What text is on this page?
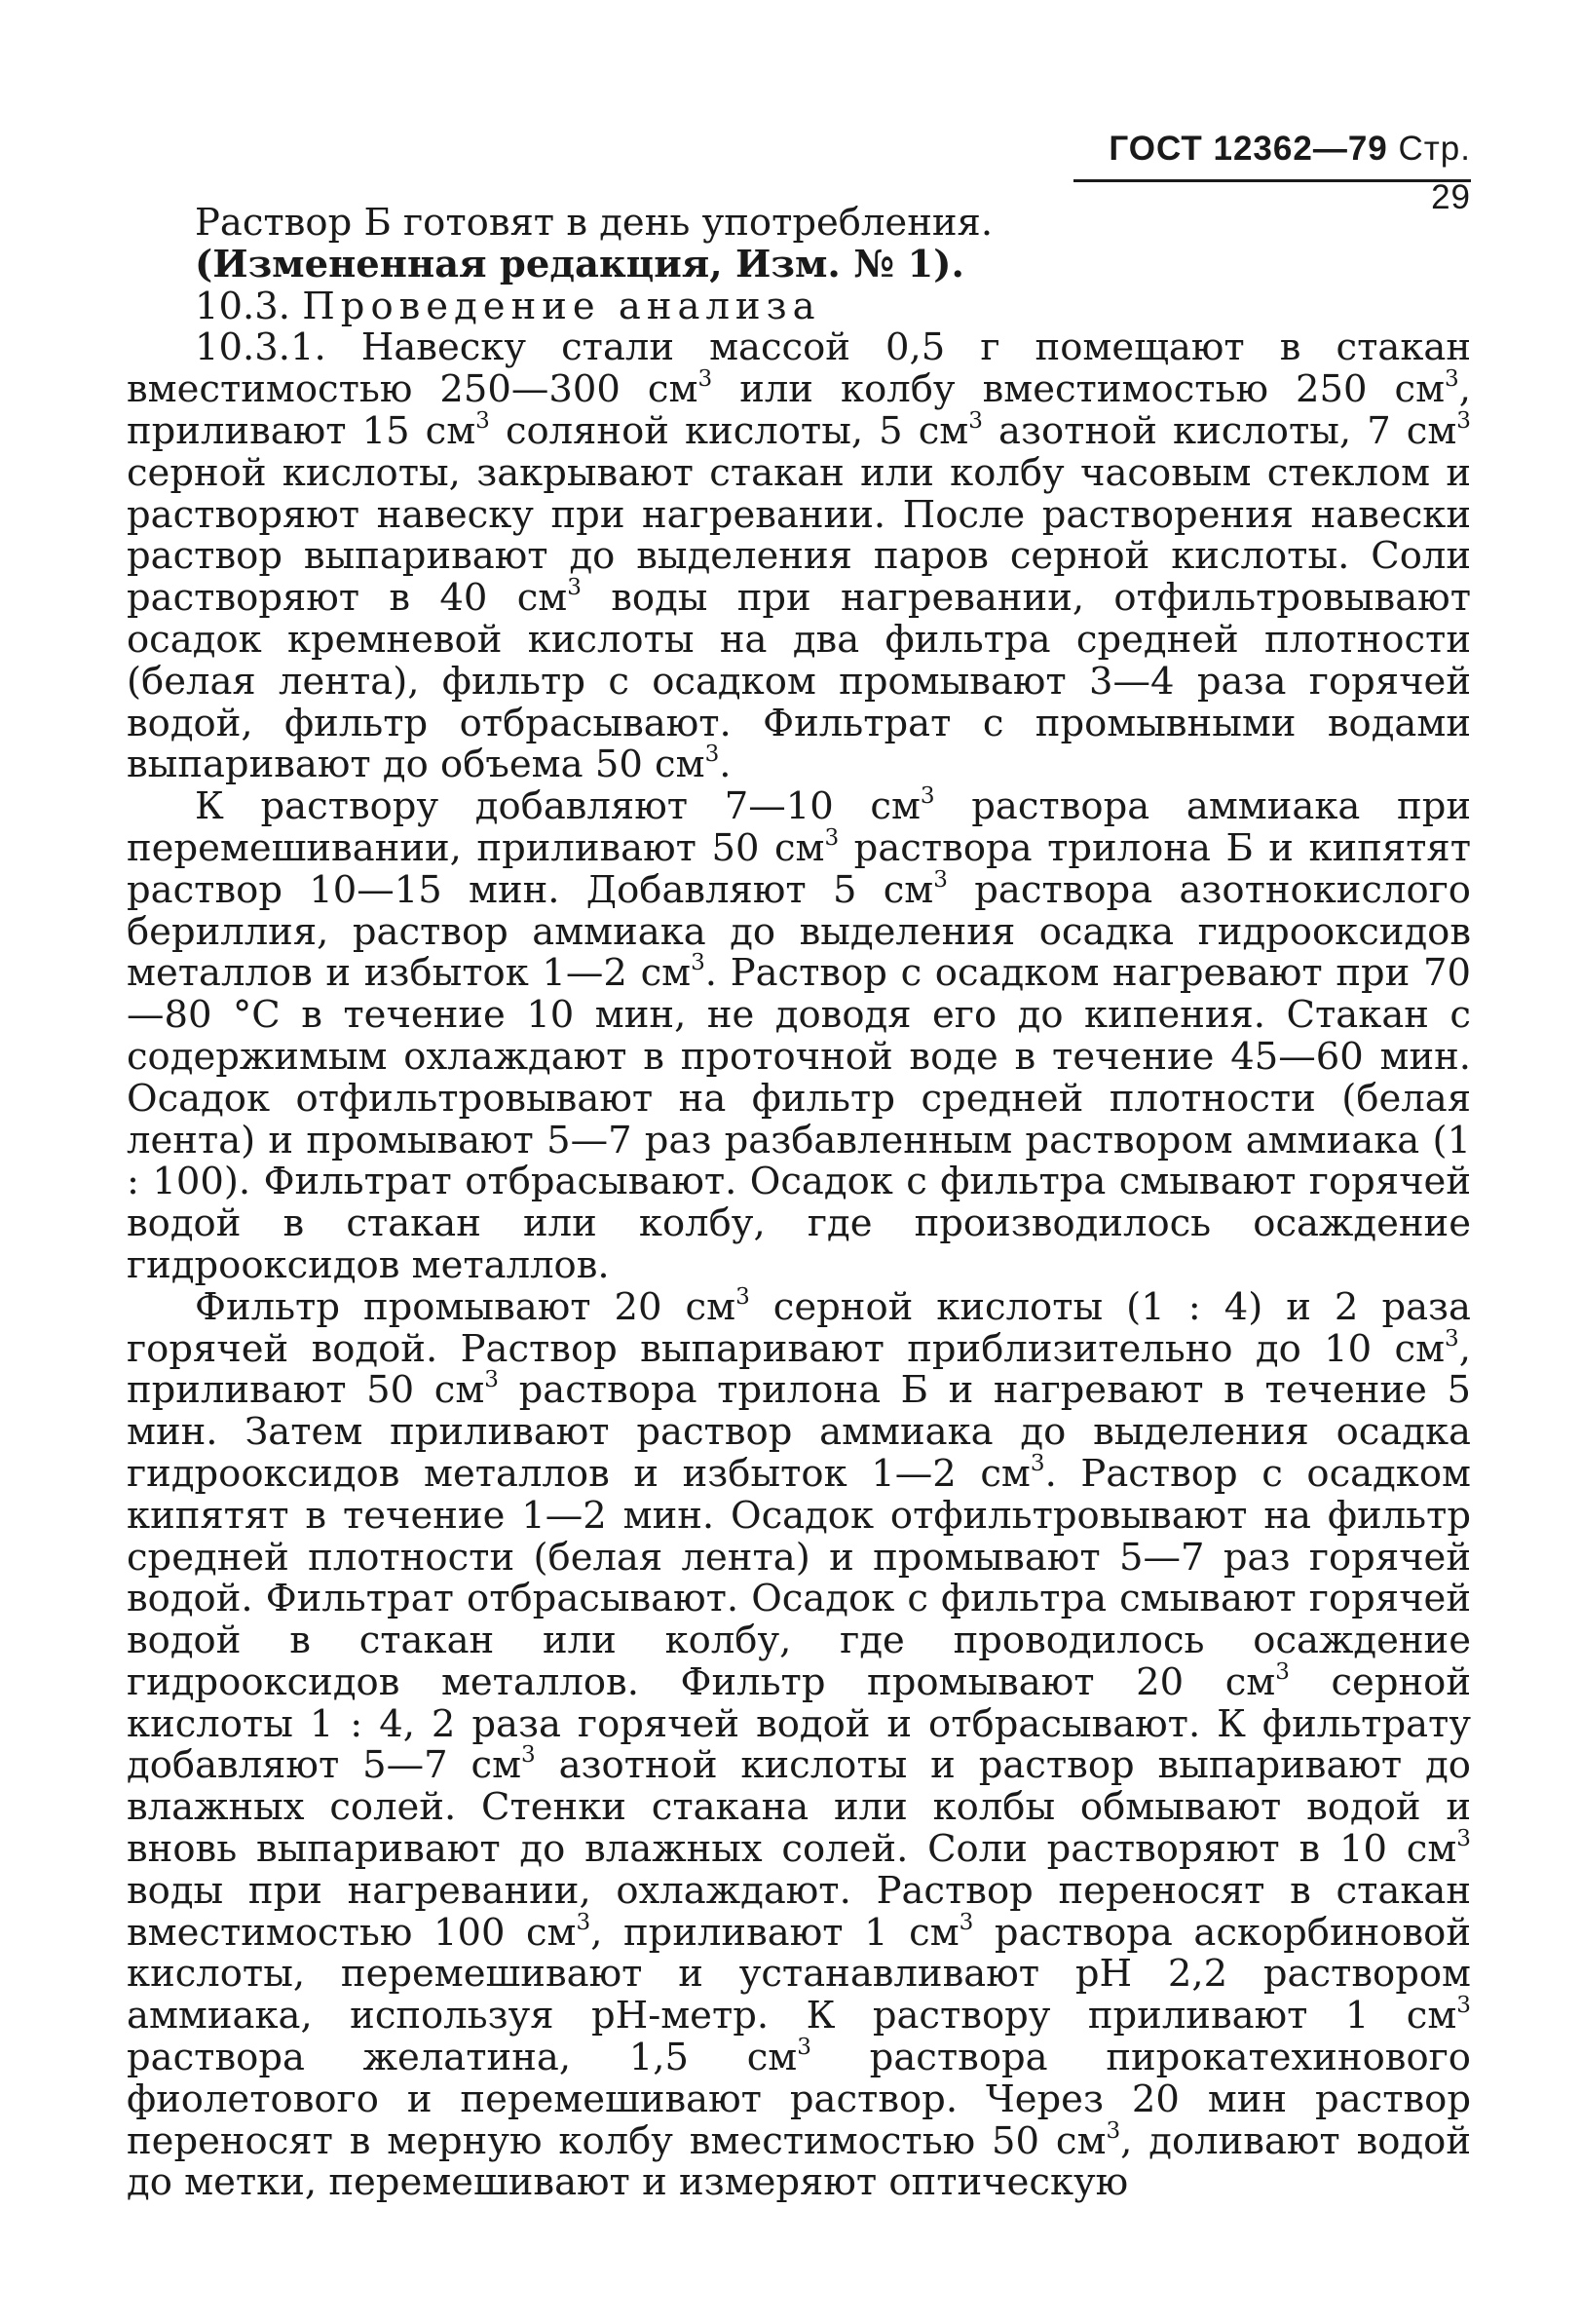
ГОСТ 12362—79 Стр. 29

Раствор Б готовят в день употребления.

(Измененная редакция, Изм. № 1).

10.3. Проведение анализа

10.3.1. Навеску стали массой 0,5 г помещают в стакан вместимостью 250—300 $см^3$ или колбу вместимостью 250 $см^3$, приливают 15 $см^3$ соляной кислоты, 5 $см^3$ азотной кислоты, 7 $см^3$ серной кислоты, закрывают стакан или колбу часовым стеклом и растворяют навеску при нагревании. После растворения навески раствор выпаривают до выделения паров серной кислоты. Соли растворяют в 40 $см^3$ воды при нагревании, отфильтровывают осадок кремневой кислоты на два фильтра средней плотности (белая лента), фильтр с осадком промывают 3—4 раза горячей водой, фильтр отбрасывают. Фильтрат с промывными водами выпаривают до объема 50 $см^3$.

К раствору добавляют 7—10 $см^3$ раствора аммиака при перемешивании, приливают 50 $см^3$ раствора трилона Б и кипятят раствор 10—15 мин. Добавляют 5 $см^3$ раствора азотнокислого бериллия, раствор аммиака до выделения осадка гидрооксидов металлов и избыток 1—2 $см^3$. Раствор с осадком нагревают при 70—80 °С в течение 10 мин, не доводя его до кипения. Стакан с содержимым охлаждают в проточной воде в течение 45—60 мин. Осадок отфильтровывают на фильтр средней плотности (белая лента) и промывают 5—7 раз разбавленным раствором аммиака (1 : 100). Фильтрат отбрасывают. Осадок с фильтра смывают горячей водой в стакан или колбу, где производилось осаждение гидрооксидов металлов.

Фильтр промывают 20 $см^3$ серной кислоты (1 : 4) и 2 раза горячей водой. Раствор выпаривают приблизительно до 10 $см^3$, приливают 50 $см^3$ раствора трилона Б и нагревают в течение 5 мин. Затем приливают раствор аммиака до выделения осадка гидрооксидов металлов и избыток 1—2 $см^3$. Раствор с осадком кипятят в течение 1—2 мин. Осадок отфильтровывают на фильтр средней плотности (белая лента) и промывают 5—7 раз горячей водой. Фильтрат отбрасывают. Осадок с фильтра смывают горячей водой в стакан или колбу, где проводилось осаждение гидрооксидов металлов. Фильтр промывают 20 $см^3$ серной кислоты 1 : 4, 2 раза горячей водой и отбрасывают. К фильтрату добавляют 5—7 $см^3$ азотной кислоты и раствор выпаривают до влажных солей. Стенки стакана или колбы обмывают водой и вновь выпаривают до влажных солей. Соли растворяют в 10 $см^3$ воды при нагревании, охлаждают. Раствор переносят в стакан вместимостью 100 $см^3$, приливают 1 $см^3$ раствора аскорбиновой кислоты, перемешивают и устанавливают рН 2,2 раствором аммиака, используя рН-метр. К раствору приливают 1 $см^3$ раствора желатина, 1,5 $см^3$ раствора пирокатехинового фиолетового и перемешивают раствор. Через 20 мин раствор переносят в мерную колбу вместимостью 50 $см^3$, доливают водой до метки, перемешивают и измеряют оптическую
